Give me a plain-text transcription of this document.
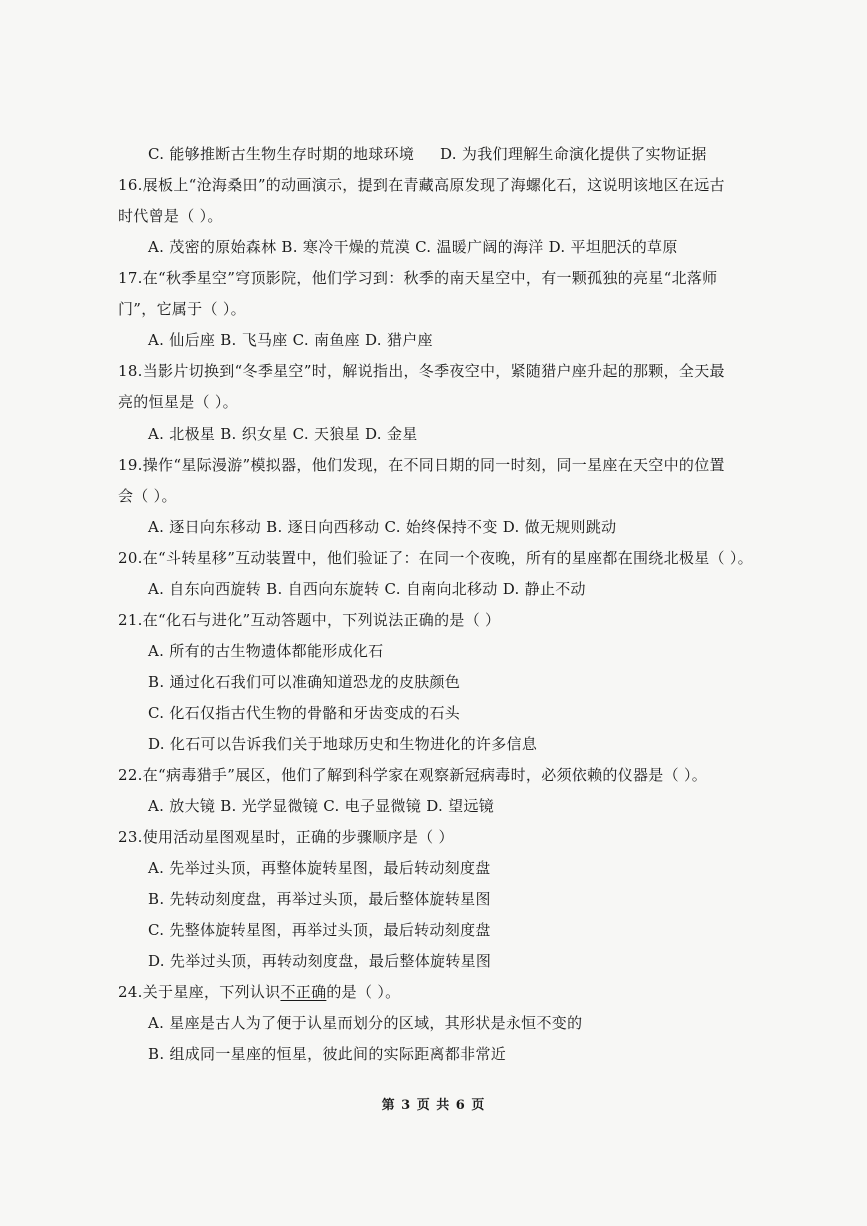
C. 能够推断古生物生存时期的地球环境 D. 为我们理解生命演化提供了实物证据
16.展板上“沧海桑田”的动画演示，提到在青藏高原发现了海螺化石，这说明该地区在远古
时代曾是（ ）。
A. 茂密的原始森林 B. 寒冷干燥的荒漠 C. 温暖广阔的海洋 D. 平坦肥沃的草原
17.在“秋季星空”穹顶影院，他们学习到：秋季的南天星空中，有一颗孤独的亮星“北落师
门”，它属于（ ）。
A. 仙后座 B. 飞马座 C. 南鱼座 D. 猎户座
18.当影片切换到“冬季星空”时，解说指出，冬季夜空中，紧随猎户座升起的那颗，全天最
亮的恒星是（ ）。
A. 北极星 B. 织女星 C. 天狼星 D. 金星
19.操作“星际漫游”模拟器，他们发现，在不同日期的同一时刻，同一星座在天空中的位置
会（ ）。
A. 逐日向东移动 B. 逐日向西移动 C. 始终保持不变 D. 做无规则跳动
20.在“斗转星移”互动装置中，他们验证了：在同一个夜晚，所有的星座都在围绕北极星（ ）。
A. 自东向西旋转 B. 自西向东旋转 C. 自南向北移动 D. 静止不动
21.在“化石与进化”互动答题中，下列说法正确的是（ ）
A. 所有的古生物遗体都能形成化石
B. 通过化石我们可以准确知道恐龙的皮肤颜色
C. 化石仅指古代生物的骨骼和牙齿变成的石头
D. 化石可以告诉我们关于地球历史和生物进化的许多信息
22.在“病毒猎手”展区，他们了解到科学家在观察新冠病毒时，必须依赖的仪器是（ ）。
A. 放大镜 B. 光学显微镜 C. 电子显微镜 D. 望远镜
23.使用活动星图观星时，正确的步骤顺序是（ ）
A. 先举过头顶，再整体旋转星图，最后转动刻度盘
B. 先转动刻度盘，再举过头顶，最后整体旋转星图
C. 先整体旋转星图，再举过头顶，最后转动刻度盘
D. 先举过头顶，再转动刻度盘，最后整体旋转星图
24.关于星座，下列认识不正确的是（ ）。
A. 星座是古人为了便于认星而划分的区域，其形状是永恒不变的
B. 组成同一星座的恒星，彼此间的实际距离都非常近
第 3 页 共 6 页
